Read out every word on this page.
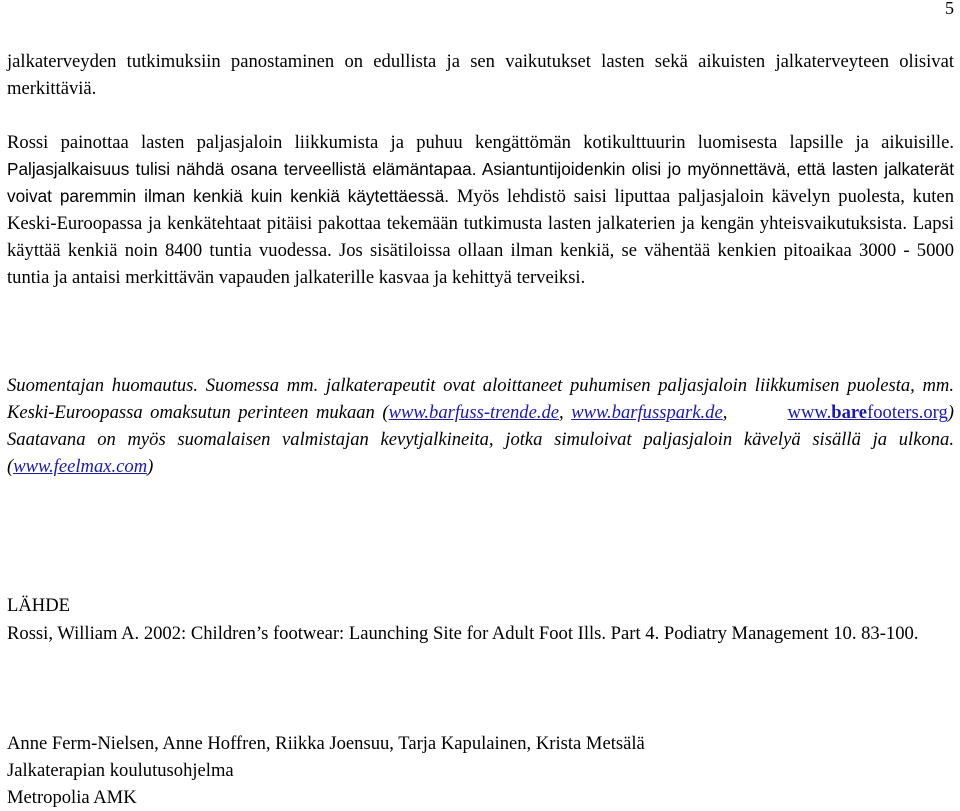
5

jalkaterveyden tutkimuksiin panostaminen on edullista ja sen vaikutukset lasten sekä aikuisten jalkaterveyteen olisivat merkittäviä.

Rossi painottaa lasten paljasjaloin liikkumista ja puhuu kengättömän kotikulttuurin luomisesta lapsille ja aikuisille. Paljasjalkaisuus tulisi nähdä osana terveellistä elämäntapaa. Asiantuntijoidenkin olisi jo myönnettävä, että lasten jalkaterät voivat paremmin ilman kenkiä kuin kenkiä käytettäessä. Myös lehdistö saisi liputtaa paljasjaloin kävelyn puolesta, kuten Keski-Euroopassa ja kenkätehtaat pitäisi pakottaa tekemään tutkimusta lasten jalkaterien ja kengän yhteisvaikutuksista. Lapsi käyttää kenkiä noin 8400 tuntia vuodessa. Jos sisätiloissa ollaan ilman kenkiä, se vähentää kenkien pitoaikaa 3000 - 5000 tuntia ja antaisi merkittävän vapauden jalkaterille kasvaa ja kehittyä terveiksi.

Suomentajan huomautus. Suomessa mm. jalkaterapeutit ovat aloittaneet puhumisen paljasjaloin liikkumisen puolesta, mm. Keski-Euroopassa omaksutun perinteen mukaan (www.barfuss-trende.de, www.barfusspark.de,        www.barefooters.org) Saatavana on myös suomalaisen valmistajan kevytjalkineita, jotka simuloivat paljasjaloin kävelyä sisällä ja ulkona.(www.feelmax.com)

LÄHDE

Rossi, William A. 2002: Children’s footwear: Launching Site for Adult Foot Ills. Part 4. Podiatry Management 10. 83-100.

Anne Ferm-Nielsen, Anne Hoffren, Riikka Joensuu, Tarja Kapulainen, Krista Metsälä

Jalkaterapian koulutusohjelma

Metropolia AMK
